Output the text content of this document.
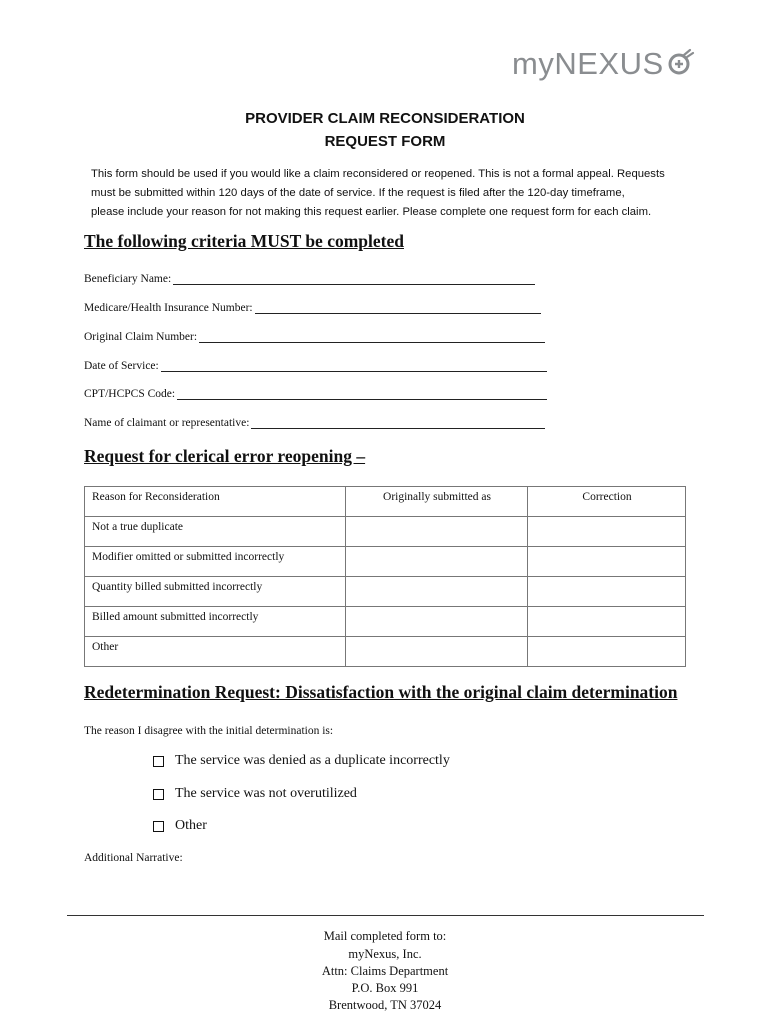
myNEXUS
PROVIDER CLAIM RECONSIDERATION
REQUEST FORM
This form should be used if you would like a claim reconsidered or reopened. This is not a formal appeal. Requests
must be submitted within 120 days of the date of service. If the request is filed after the 120-day timeframe,
please include your reason for not making this request earlier. Please complete one request form for each claim.
The following criteria MUST be completed
Beneficiary Name:
Medicare/Health Insurance Number:
Original Claim Number:
Date of Service:
CPT/HCPCS Code:
Name of claimant or representative:
Request for clerical error reopening –
Reason for Reconsideration	Originally submitted as	Correction
Not a true duplicate		
Modifier omitted or submitted incorrectly		
Quantity billed submitted incorrectly		
Billed amount submitted incorrectly		
Other		
Redetermination Request: Dissatisfaction with the original claim determination
The reason I disagree with the initial determination is:
The service was denied as a duplicate incorrectly
The service was not overutilized
Other
Additional Narrative:
Mail completed form to:
myNexus, Inc.
Attn: Claims Department
P.O. Box 991
Brentwood, TN 37024
